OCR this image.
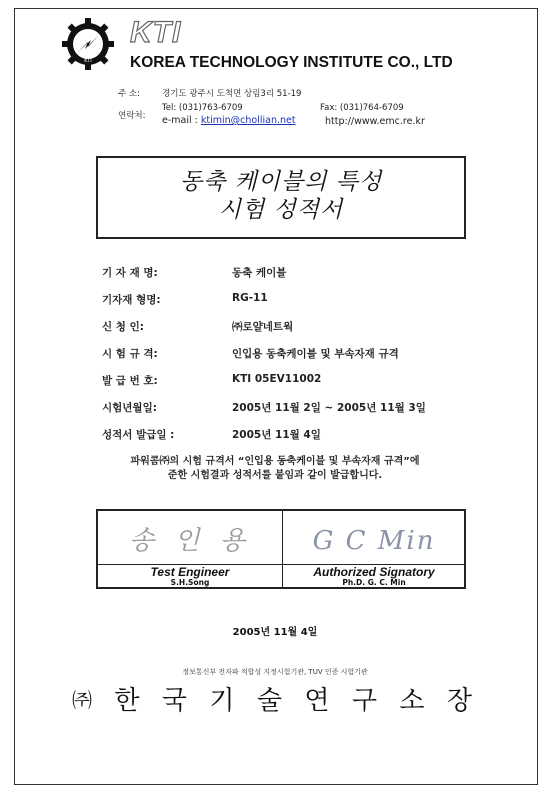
KTI
KTI
KOREA TECHNOLOGY INSTITUTE CO., LTD
주 소:	경기도 광주시 도척면 상림3리 51-19
연락처:
Tel: (031)763-6709	Fax: (031)764-6709
e-mail : ktimin@chollian.net	http://www.emc.re.kr
동축 케이블의 특성
시험 성적서
기 자 재 명:	동축 케이블
기자재 형명:	RG-11
신 청 인:	㈜로얄네트웍
시 험 규 격:	인입용 동축케이블 및 부속자재 규격
발 급 번 호:	KTI 05EV11002
시험년월일:	2005년 11월 2일 ~ 2005년 11월 3일
성적서 발급일 :	2005년 11월 4일
파워콤㈜의 시험 규격서 “인입용 동축케이블 및 부속자재 규격”에
준한 시험결과 성적서를 붙임과 같이 발급합니다.
송 인 용
Test Engineer
S.H.Song
G C Min
Authorized Signatory
Ph.D. G. C. Min
2005년 11월 4일
정보통신부 전자파 적합성 지정시험기관, TUV 인증 시험기관
㈜ 한 국 기 술 연 구 소 장
